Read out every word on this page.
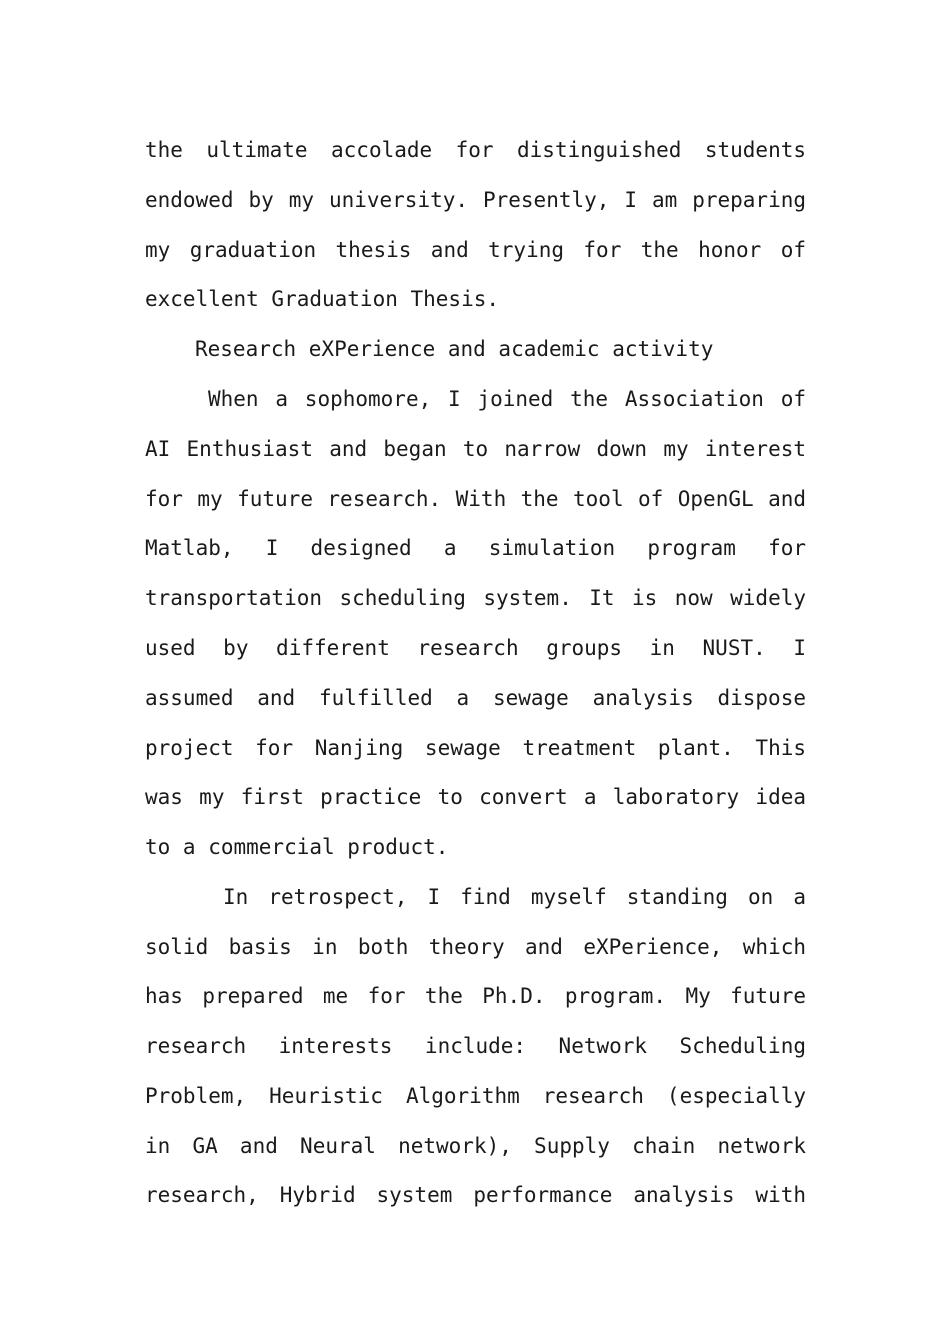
the ultimate accolade for distinguished students
endowed by my university. Presently, I am preparing
my graduation thesis and trying for the honor of
excellent Graduation Thesis.
Research eXPerience and academic activity
When a sophomore, I joined the Association of
AI Enthusiast and began to narrow down my interest
for my future research. With the tool of OpenGL and
Matlab, I designed a simulation program for
transportation scheduling system. It is now widely
used by different research groups in NUST. I
assumed and fulfilled a sewage analysis dispose
project for Nanjing sewage treatment plant. This
was my first practice to convert a laboratory idea
to a commercial product.
In retrospect, I find myself standing on a
solid basis in both theory and eXPerience, which
has prepared me for the Ph.D. program. My future
research interests include: Network Scheduling
Problem, Heuristic Algorithm research (especially
in GA and Neural network), Supply chain network
research, Hybrid system performance analysis with
